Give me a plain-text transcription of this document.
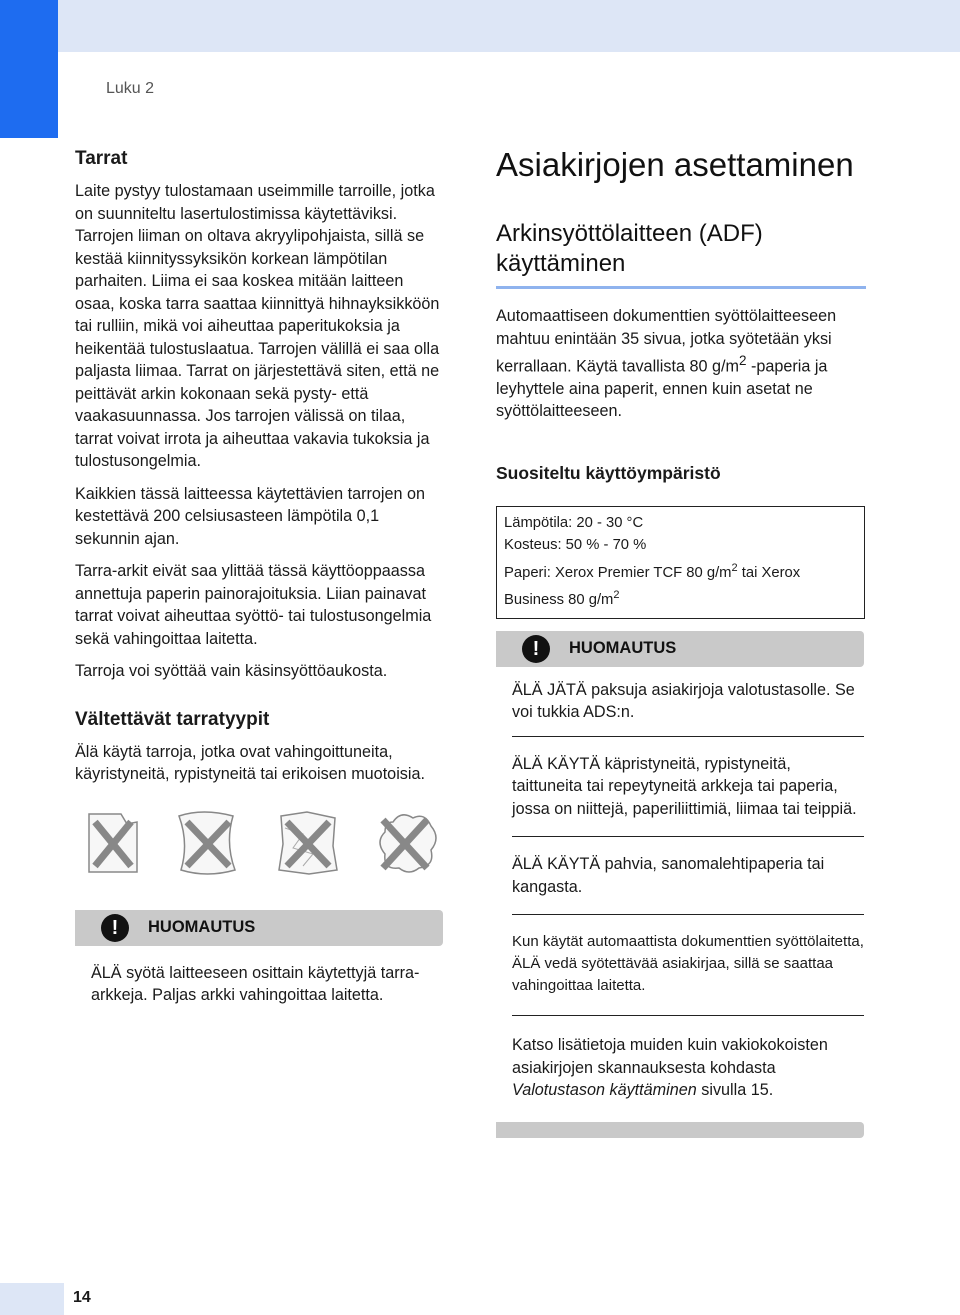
Luku 2
Tarrat

Laite pystyy tulostamaan useimmille tarroille, jotka on suunniteltu lasertulostimissa käytettäviksi. Tarrojen liiman on oltava akryylipohjaista, sillä se kestää kiinnityssyksikön korkean lämpötilan parhaiten. Liima ei saa koskea mitään laitteen osaa, koska tarra saattaa kiinnittyä hihnayksikköön tai rulliin, mikä voi aiheuttaa paperitukoksia ja heikentää tulostuslaatua. Tarrojen välillä ei saa olla paljasta liimaa. Tarrat on järjestettävä siten, että ne peittävät arkin kokonaan sekä pysty- että vaakasuunnassa. Jos tarrojen välissä on tilaa, tarrat voivat irrota ja aiheuttaa vakavia tukoksia ja tulostusongelmia.

Kaikkien tässä laitteessa käytettävien tarrojen on kestettävä 200 celsiusasteen lämpötila 0,1 sekunnin ajan.

Tarra-arkit eivät saa ylittää tässä käyttöoppaassa annettuja paperin painorajoituksia. Liian painavat tarrat voivat aiheuttaa syöttö- tai tulostusongelmia sekä vahingoittaa laitetta.

Tarroja voi syöttää vain käsinsyöttöaukosta.

Vältettävät tarratyypit

Älä käytä tarroja, jotka ovat vahingoittuneita, käyristyneitä, rypistyneitä tai erikoisen muotoisia.

!	HUOMAUTUS

ÄLÄ syötä laitteeseen osittain käytettyjä tarra-arkkeja. Paljas arkki vahingoittaa laitetta.

Asiakirjojen asettaminen
Arkinsyöttölaitteen (ADF) käyttäminen

Automaattiseen dokumenttien syöttölaitteeseen mahtuu enintään 35 sivua, jotka syötetään yksi kerrallaan. Käytä tavallista 80 $g/m^2$ -paperia ja leyhyttele aina paperit, ennen kuin asetat ne syöttölaitteeseen.

Suositeltu käyttöympäristö
Lämpötila: 20 - 30 °C
Kosteus: 50 % - 70 %
Paperi: Xerox Premier TCF 80 $g/m^2$ tai Xerox Business 80 $g/m^2$
!	HUOMAUTUS
ÄLÄ JÄTÄ paksuja asiakirjoja valotustasolle. Se voi tukkia ADS:n.
ÄLÄ KÄYTÄ käpristyneitä, rypistyneitä, taittuneita tai repeytyneitä arkkeja tai paperia, jossa on niittejä, paperiliittimiä, liimaa tai teippiä.
ÄLÄ KÄYTÄ pahvia, sanomalehtipaperia tai kangasta.
Kun käytät automaattista dokumenttien syöttölaitetta, ÄLÄ vedä syötettävää asiakirjaa, sillä se saattaa vahingoittaa laitetta.
Katso lisätietoja muiden kuin vakiokokoisten asiakirjojen skannauksesta kohdasta Valotustason käyttäminen sivulla 15.
14
